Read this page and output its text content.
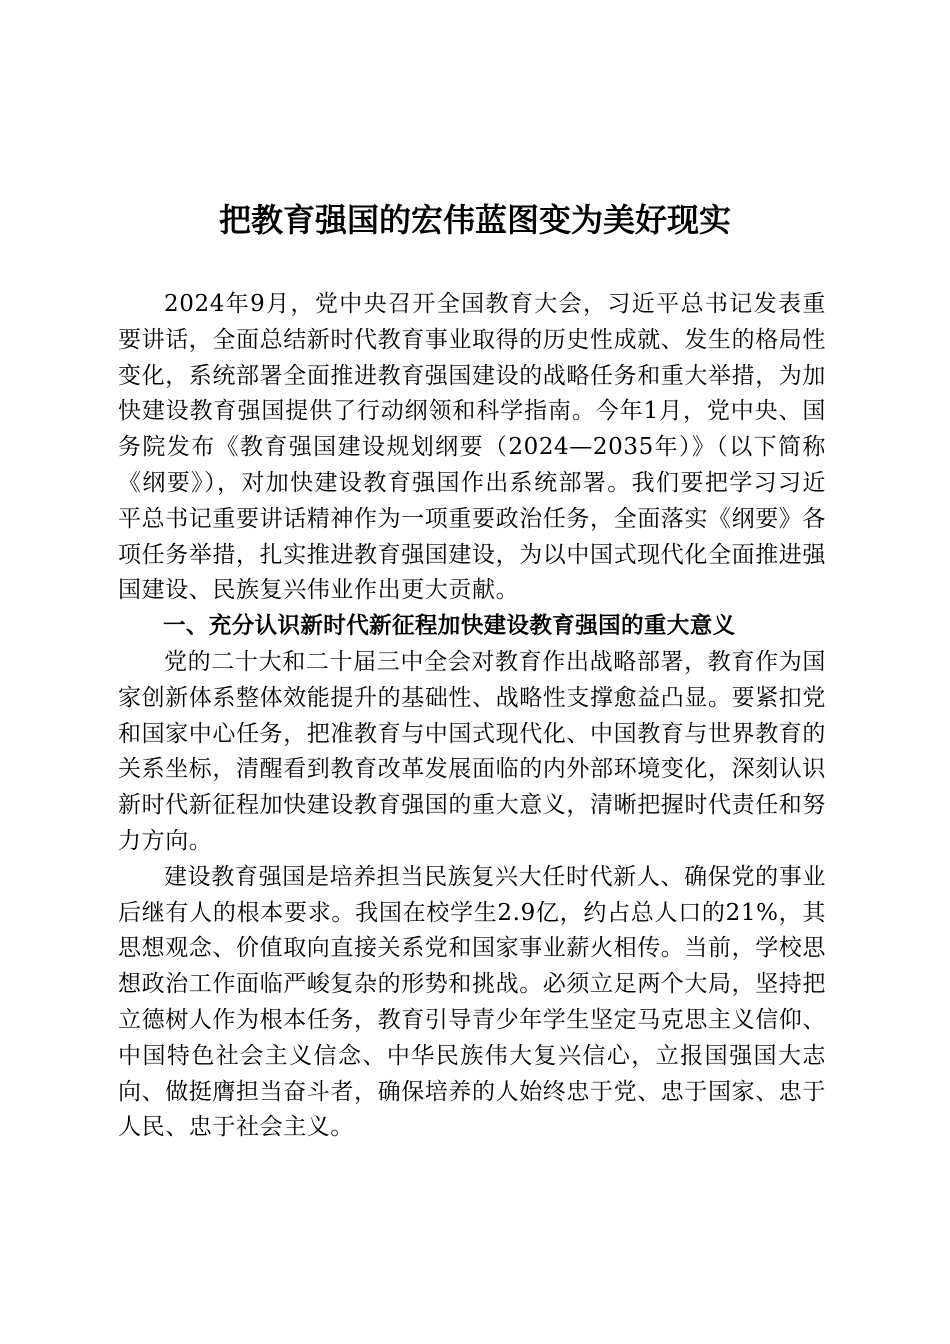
把教育强国的宏伟蓝图变为美好现实

2024年9月，党中央召开全国教育大会，习近平总书记发表重要讲话，全面总结新时代教育事业取得的历史性成就、发生的格局性变化，系统部署全面推进教育强国建设的战略任务和重大举措，为加快建设教育强国提供了行动纲领和科学指南。今年1月，党中央、国务院发布《教育强国建设规划纲要（2024—2035年）》（以下简称《纲要》），对加快建设教育强国作出系统部署。我们要把学习习近平总书记重要讲话精神作为一项重要政治任务，全面落实《纲要》各项任务举措，扎实推进教育强国建设，为以中国式现代化全面推进强国建设、民族复兴伟业作出更大贡献。

一、充分认识新时代新征程加快建设教育强国的重大意义

党的二十大和二十届三中全会对教育作出战略部署，教育作为国家创新体系整体效能提升的基础性、战略性支撑愈益凸显。要紧扣党和国家中心任务，把准教育与中国式现代化、中国教育与世界教育的关系坐标，清醒看到教育改革发展面临的内外部环境变化，深刻认识新时代新征程加快建设教育强国的重大意义，清晰把握时代责任和努力方向。

建设教育强国是培养担当民族复兴大任时代新人、确保党的事业后继有人的根本要求。我国在校学生2.9亿，约占总人口的21%，其思想观念、价值取向直接关系党和国家事业薪火相传。当前，学校思想政治工作面临严峻复杂的形势和挑战。必须立足两个大局，坚持把立德树人作为根本任务，教育引导青少年学生坚定马克思主义信仰、中国特色社会主义信念、中华民族伟大复兴信心，立报国强国大志向、做挺膺担当奋斗者，确保培养的人始终忠于党、忠于国家、忠于人民、忠于社会主义。
